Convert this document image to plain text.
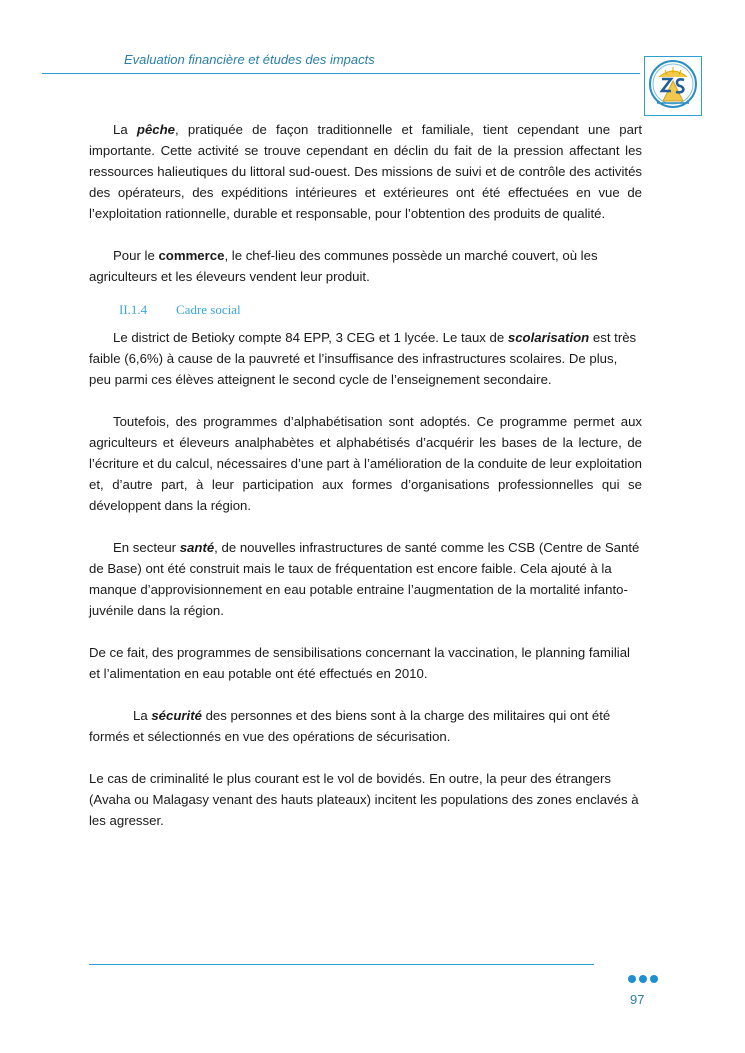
Evaluation financière et études des impacts

La pêche, pratiquée de façon traditionnelle et familiale, tient cependant une part importante. Cette activité se trouve cependant en déclin du fait de la pression affectant les ressources halieutiques du littoral sud-ouest. Des missions de suivi et de contrôle des activités des opérateurs, des expéditions intérieures et extérieures ont été effectuées en vue de l’exploitation rationnelle, durable et responsable, pour l’obtention des produits de qualité.

Pour le commerce, le chef-lieu des communes possède un marché couvert, où les agriculteurs et les éleveurs vendent leur produit.

II.1.4 Cadre social

Le district de Betioky compte 84 EPP, 3 CEG et 1 lycée. Le taux de scolarisation est très faible (6,6%) à cause de la pauvreté et l’insuffisance des infrastructures scolaires. De plus, peu parmi ces élèves atteignent le second cycle de l’enseignement secondaire.

Toutefois, des programmes d’alphabétisation sont adoptés. Ce programme permet aux agriculteurs et éleveurs analphabètes et alphabétisés d’acquérir les bases de la lecture, de l’écriture et du calcul, nécessaires d’une part à l’amélioration de la conduite de leur exploitation et, d’autre part, à leur participation aux formes d’organisations professionnelles qui se développent dans la région.

En secteur santé, de nouvelles infrastructures de santé comme les CSB (Centre de Santé de Base) ont été construit mais le taux de fréquentation est encore faible. Cela ajouté à la manque d’approvisionnement en eau potable entraine l’augmentation de la mortalité infanto-juvénile dans la région.

De ce fait, des programmes de sensibilisations concernant la vaccination, le planning familial et l’alimentation en eau potable ont été effectués en 2010.

La sécurité des personnes et des biens sont à la charge des militaires qui ont été formés et sélectionnés en vue des opérations de sécurisation.

Le cas de criminalité le plus courant est le vol de bovidés. En outre, la peur des étrangers (Avaha ou Malagasy venant des hauts plateaux) incitent les populations des zones enclavés à les agresser.

97
